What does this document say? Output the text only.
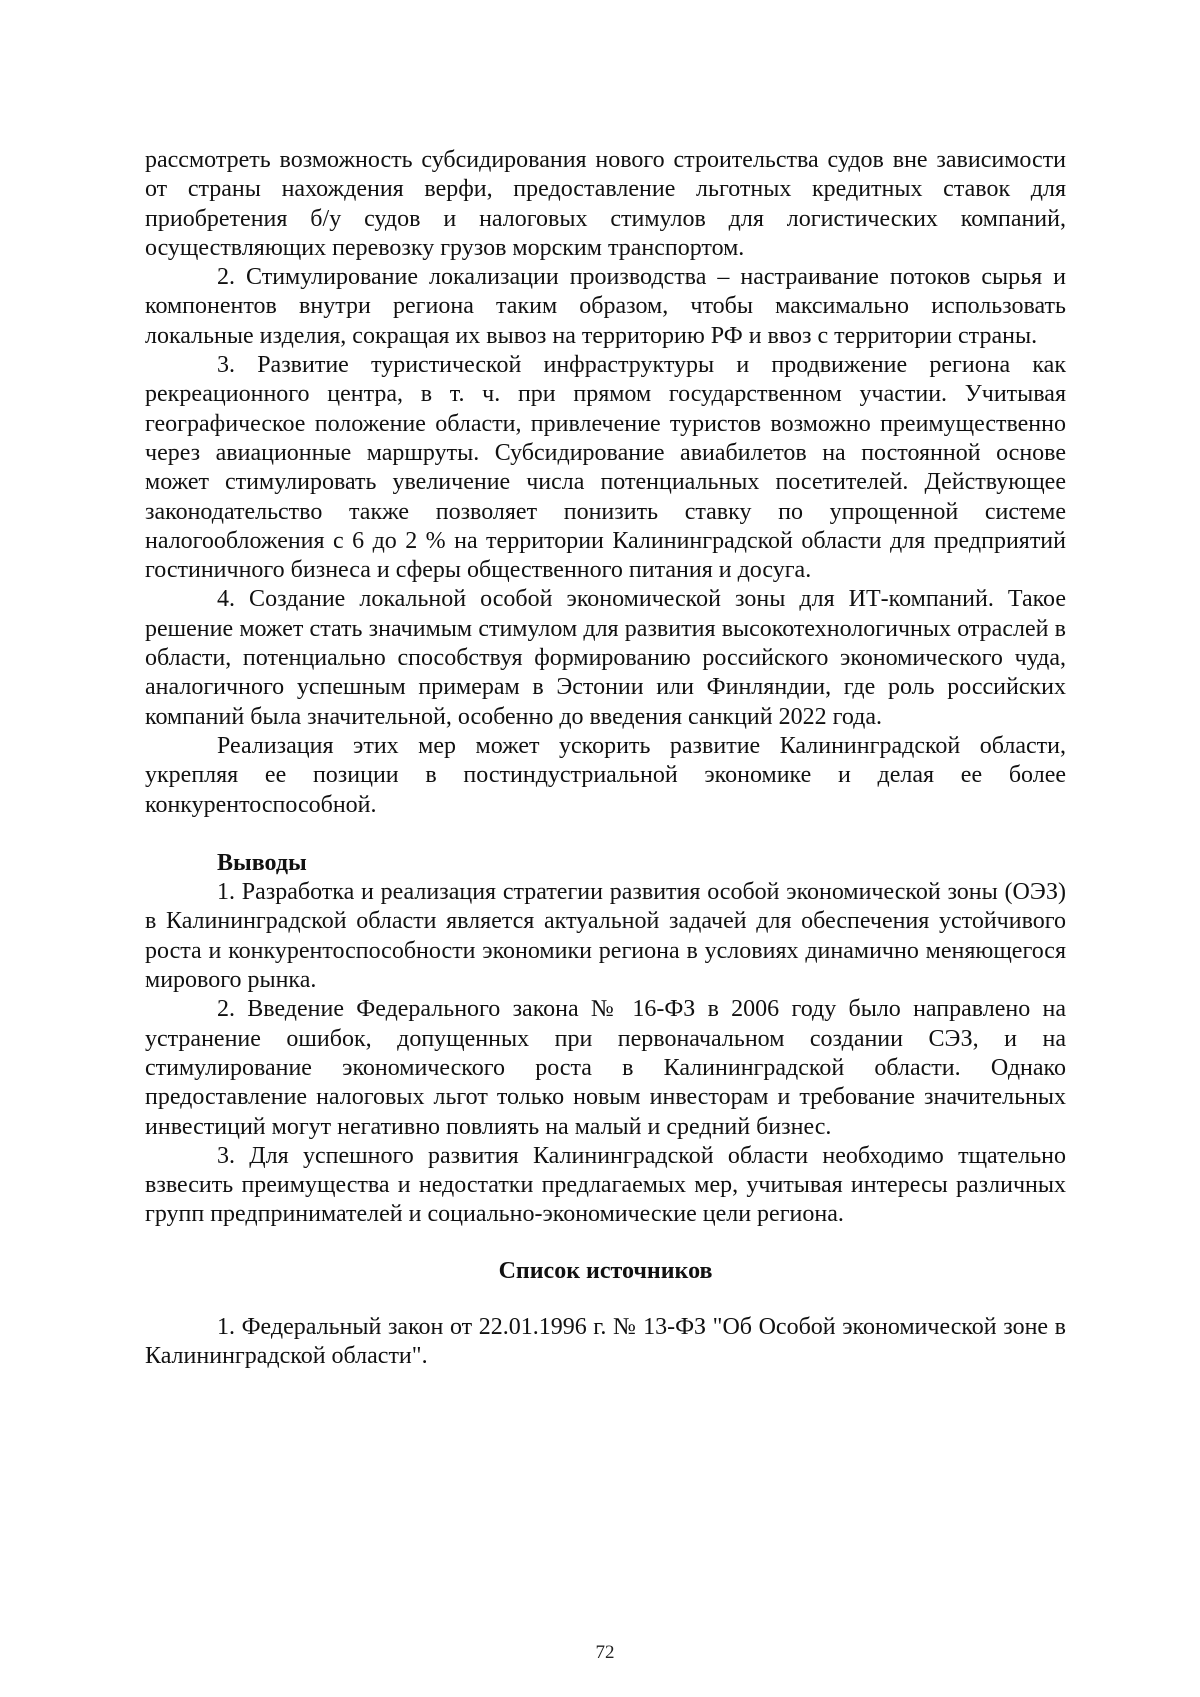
рассмотреть возможность субсидирования нового строительства судов вне зависимости от страны нахождения верфи, предоставление льготных кредитных ставок для приобретения б/у судов и налоговых стимулов для логистических компаний, осуществляющих перевозку грузов морским транспортом.

2. Стимулирование локализации производства – настраивание потоков сырья и компонентов внутри региона таким образом, чтобы максимально использовать локальные изделия, сокращая их вывоз на территорию РФ и ввоз с территории страны.

3. Развитие туристической инфраструктуры и продвижение региона как рекреационного центра, в т. ч. при прямом государственном участии. Учитывая географическое положение области, привлечение туристов возможно преимущественно через авиационные маршруты. Субсидирование авиабилетов на постоянной основе может стимулировать увеличение числа потенциальных посетителей. Действующее законодательство также позволяет понизить ставку по упрощенной системе налогообложения с 6 до 2 % на территории Калининградской области для предприятий гостиничного бизнеса и сферы общественного питания и досуга.

4. Создание локальной особой экономической зоны для ИТ-компаний. Такое решение может стать значимым стимулом для развития высокотехнологичных отраслей в области, потенциально способствуя формированию российского экономического чуда, аналогичного успешным примерам в Эстонии или Финляндии, где роль российских компаний была значительной, особенно до введения санкций 2022 года.

Реализация этих мер может ускорить развитие Калининградской области, укрепляя ее позиции в постиндустриальной экономике и делая ее более конкурентоспособной.

Выводы

1. Разработка и реализация стратегии развития особой экономической зоны (ОЭЗ) в Калининградской области является актуальной задачей для обеспечения устойчивого роста и конкурентоспособности экономики региона в условиях динамично меняющегося мирового рынка.

2. Введение Федерального закона № 16-ФЗ в 2006 году было направлено на устранение ошибок, допущенных при первоначальном создании СЭЗ, и на стимулирование экономического роста в Калининградской области. Однако предоставление налоговых льгот только новым инвесторам и требование значительных инвестиций могут негативно повлиять на малый и средний бизнес.

3. Для успешного развития Калининградской области необходимо тщательно взвесить преимущества и недостатки предлагаемых мер, учитывая интересы различных групп предпринимателей и социально-экономические цели региона.

Список источников

1. Федеральный закон от 22.01.1996 г. № 13-ФЗ "Об Особой экономической зоне в Калининградской области".

72
